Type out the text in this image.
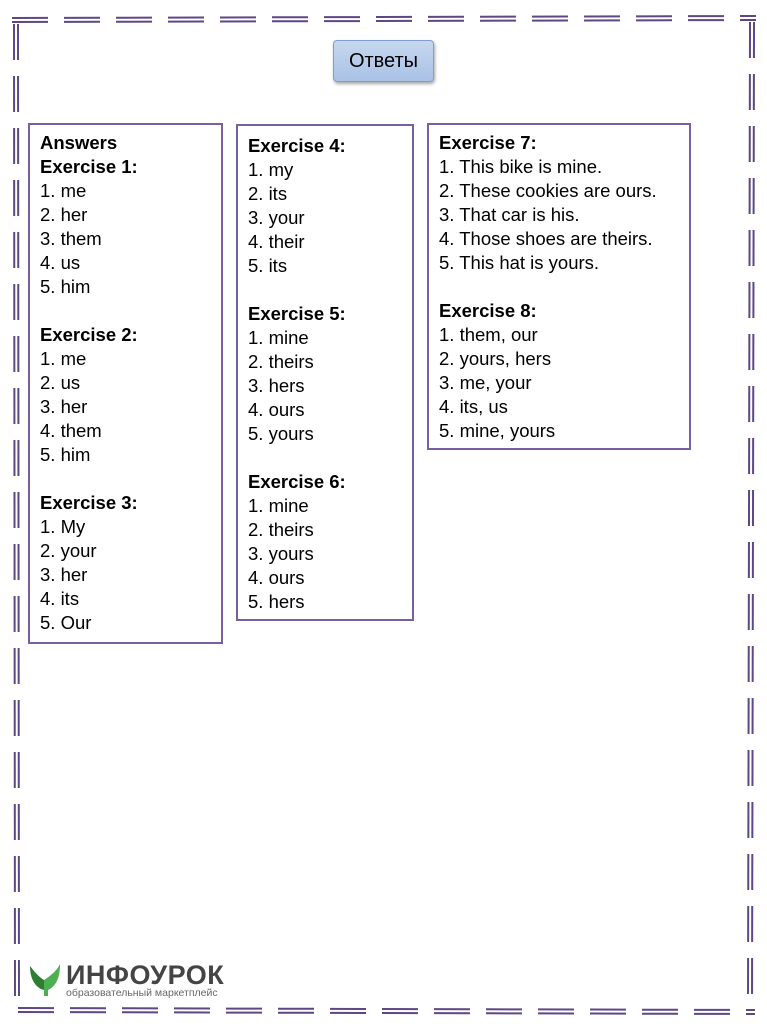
Ответы
Answers
Exercise 1:
1. me
2. her
3. them
4. us
5. him
Exercise 2:
1. me
2. us
3. her
4. them
5. him
Exercise 3:
1. My
2. your
3. her
4. its
5. Our
Exercise 4:
1. my
2. its
3. your
4. their
5. its
Exercise 5:
1. mine
2. theirs
3. hers
4. ours
5. yours
Exercise 6:
1. mine
2. theirs
3. yours
4. ours
5. hers
Exercise 7:
1. This bike is mine.
2. These cookies are ours.
3. That car is his.
4. Those shoes are theirs.
5. This hat is yours.
Exercise 8:
1. them, our
2. yours, hers
3. me, your
4. its, us
5. mine, yours
ИНФОУРОК
образовательный маркетплейс
